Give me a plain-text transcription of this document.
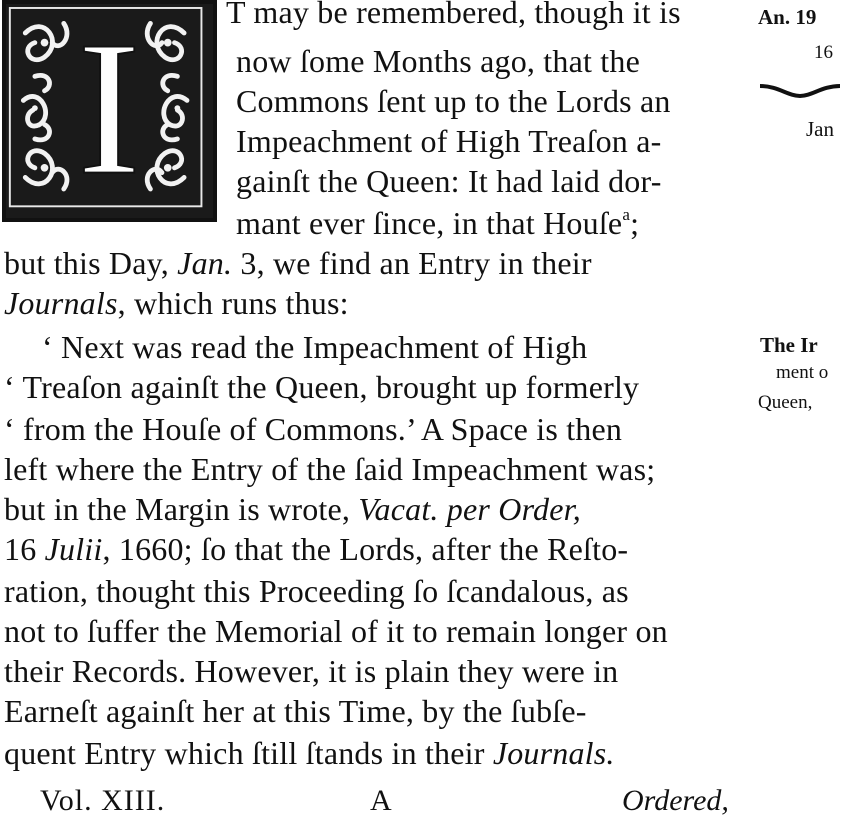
I	T may be remembered, though it is
now ſome Months ago, that the
Commons ſent up to the Lords an
Impeachment of High Treaſon a-
gainſt the Queen: It had laid dor-
mant ever ſince, in that Houſe$^a$;
but this Day, Jan. 3, we find an Entry in their
Journals, which runs thus:
‘ Next was read the Impeachment of High
‘ Treaſon againſt the Queen, brought up formerly
‘ from the Houſe of Commons.’ A Space is then
left where the Entry of the ſaid Impeachment was;
but in the Margin is wrote, Vacat. per Order,
16 Julii, 1660; ſo that the Lords, after the Reſto-
ration, thought this Proceeding ſo ſcandalous, as
not to ſuffer the Memorial of it to remain longer on
their Records. However, it is plain they were in
Earneſt againſt her at this Time, by the ſubſe-
quent Entry which ſtill ſtands in their Journals.
An. 19
16
Jan
The Ir
ment o
Queen,
Vol. XIII.	A	Ordered,
